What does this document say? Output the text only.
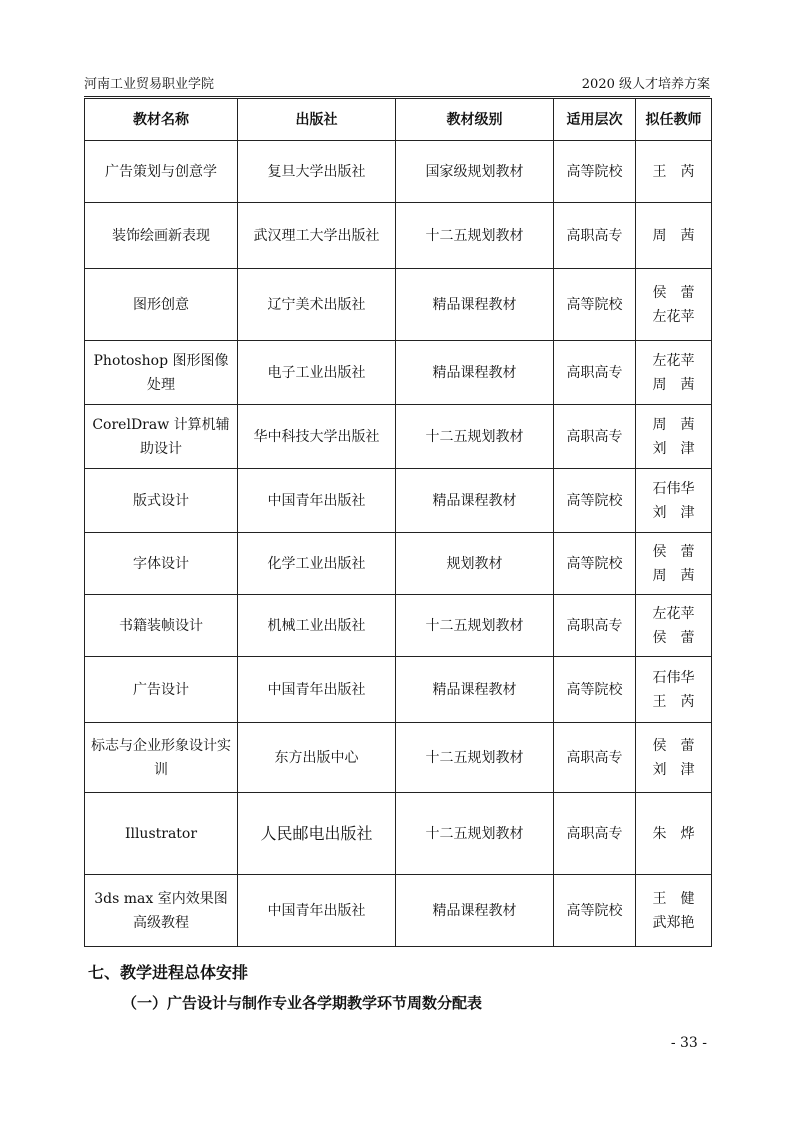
河南工业贸易职业学院	2020 级人才培养方案
教材名称	出版社	教材级别	适用层次	拟任教师
广告策划与创意学	复旦大学出版社	国家级规划教材	高等院校	王　芮

装饰绘画新表现	武汉理工大学出版社	十二五规划教材	高职高专	周　茜

图形创意	辽宁美术出版社	精品课程教材	高等院校	侯　蕾
左花苹

Photoshop 图形图像处理	电子工业出版社	精品课程教材	高职高专	左花苹
周　茜

CorelDraw 计算机辅助设计	华中科技大学出版社	十二五规划教材	高职高专	周　茜
刘　津

版式设计	中国青年出版社	精品课程教材	高等院校	石伟华
刘　津

字体设计	化学工业出版社	规划教材	高等院校	侯　蕾
周　茜

书籍装帧设计	机械工业出版社	十二五规划教材	高职高专	左花苹
侯　蕾

广告设计	中国青年出版社	精品课程教材	高等院校	石伟华
王　芮

标志与企业形象设计实训	东方出版中心	十二五规划教材	高职高专	侯　蕾
刘　津

Illustrator	人民邮电出版社	十二五规划教材	高职高专	朱　烨

3ds max 室内效果图高级教程	中国青年出版社	精品课程教材	高等院校	王　健
武郑艳
七、教学进程总体安排
（一）广告设计与制作专业各学期教学环节周数分配表
- 33 -
